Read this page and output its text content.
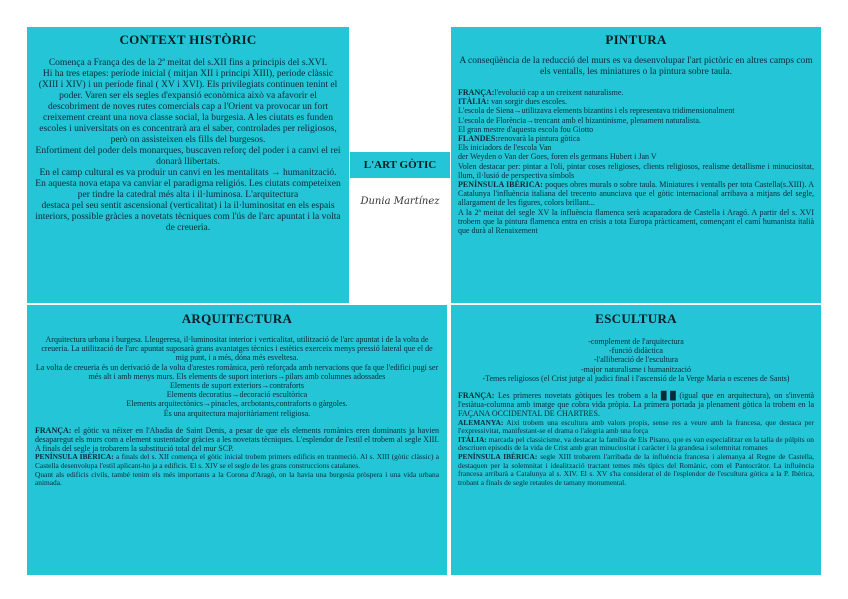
CONTEXT HISTÒRIC

Comença a França des de la 2ª meitat del s.XII fins a principis del s.XVI.

Hi ha tres etapes: període inicial ( mitjan XII i principi XIII), període clàssic (XIII i XIV) i un període final ( XV i XVI). Els privilegiats continuen tenint el poder. Varen ser els segles d'expansió econòmica això va afavorir el descobriment de noves rutes comercials cap a l'Orient va provocar un fort creixement creant una nova classe social, la burgesia. A les ciutats es funden escoles i universitats on es concentrarà ara el saber, controlades per religiosos, però on assisteixen els fills del burgesos.

Enfortiment del poder dels monarques, buscaven reforç del poder i a canvi el rei donarà llibertats.

En el camp cultural es va produir un canvi en les mentalitats → humanització.

En aquesta nova etapa va canviar el paradigma religiós. Les ciutats competeixen per tindre la catedral més alta i il·luminosa. L'arquitectura

destaca pel seu sentit ascensional (verticalitat) i la il·luminositat en els espais interiors, possible gràcies a novetats tècniques com l'ús de l'arc apuntat i la volta de creueria.

L'ART GÒTIC
Dunia Martínez
PINTURA

A conseqüència de la reducció del murs es va desenvolupar l'art pictòric en altres camps com els ventalls, les miniatures o la pintura sobre taula.

FRANÇA:l'evolució cap a un creixent naturalisme.

ITÀLIA: van sorgir dues escoles.

L'escola de Siena→utilitzava elements bizantins i els representava tridimensionalment

L'escola de Florència→trencant amb el bizantinisme, plenament naturalista.

El gran mestre d'aquesta escola fou Giotto

FLANDES:renovarà la pintura gòtica

Els iniciadors de l'escola Van

der Weyden o Van der Goes, foren els germans Hubert i Jan V

Volen destacar per: pintar a l'oli, pintar coses religioses, clients religiosos, realisme detallisme i minuciositat, llum, il·lusió de perspectiva símbols

PENÍNSULA IBÈRICA: poques obres murals o sobre taula. Miniatures i ventalls per tota Castella(s.XIII). A Catalunya l'influència italiana del trecento anunciava que el gòtic internacional arribava a mitjans del segle, allargament de les figures, colors brillant...

A la 2ª meitat del segle XV la influència flamenca serà acaparadora de Castella i Aragó. A partir del s. XVI trobem que la pintura flamenca entra en crisis a tota Europa pràcticament, començant el camí humanista italià que durà al Renaixement

ARQUITECTURA

Arquitectura urbana i burgesa. Lleugeresa, il·luminositat interior i verticalitat, utilització de l'arc apuntat i de la volta de creueria. La utilització de l'arc apuntat suposarà grans avantatges tècnics i estètics exerceix menys pressió lateral que el de mig punt, i a més, dóna més esveltesa.

La volta de creueria és un derivació de la volta d'arestes romànica, però reforçada amb nervacions que fa que l'edifici pugi ser més alt i amb menys murs. Els elements de suport interiors→pilars amb columnes adossades

Elements de suport exteriors→contraforts

Elements decoratius→decoració escultòrica

Elements arquitectònics→pinacles, arcbotants,contraforts o gàrgoles.

És una arquitectura majoritàriament religiosa.

FRANÇA: el gòtic va néixer en l'Abadia de Saint Denis, a pesar de que els elements romànics eren dominants ja havien desaparegut els murs com a element sustentador gràcies a les novetats tècniques. L'esplendor de l'estil el trobem al segle XIII. A finals del segle ja trobarem la substitució total del mur SCP.

PENÍNSULA IBÈRICA: a finals del s. XII comença el gòtic inicial trobem primers edificis en tranmeció. Al s. XIII (gòtic clàssic) a Castella desenvolupa l'estil aplicant-ho ja a edificis. El s. XIV se el segle de les grans construccions catalanes.

Quant als edificis civils, també tenim els més importants a la Corona d'Aragó, on la havia una burgesia pròspera i una vida urbana animada.

ESCULTURA

-complement de l'arquitectura

-funció didàctica

-l'alliberació de l'escultura

-major naturalisme i humanització

-Temes religiosos (el Crist jutge al judici final i l'ascensió de la Verge Maria o escenes de Sants)

FRANÇA: Les primeres novetats gòtiques les trobem a la █ █ (igual que en arquitectura), on s'inventà l'estàtua-columna amb imatge que cobra vida pròpia. La primera portada ja plenament gòtica la trobem en la FAÇANA OCCIDENTAL DE CHARTRES.

ALEMANYA: Així trobem una escultura amb valors propis, sense res a veure amb la francesa, que destaca per l'expressivitat, manifestant-se el drama o l'alegria amb una força

ITÀLIA: marcada pel classicisme, va destacar la família de Els Pisano, que es van especialitzar en la talla de púlpits on descriuen episodis de la vida de Crist amb gran minuciositat i caràcter i la grandesa i solemnitat romanes

PENÍNSULA IBÈRICA: segle XIII trobarem l'arribada de la influència francesa i alemanya al Regne de Castella, destaquen per la solemnitat i idealització tractant temes més típics del Romànic, com el Pantocràtor. La influència francesa arribarà a Catalunya al s. XIV. El s. XV s'ha considerat el de l'esplendor de l'escultura gòtica a la P. Ibèrica, trobant a finals de segle retaules de tamany monumental.
